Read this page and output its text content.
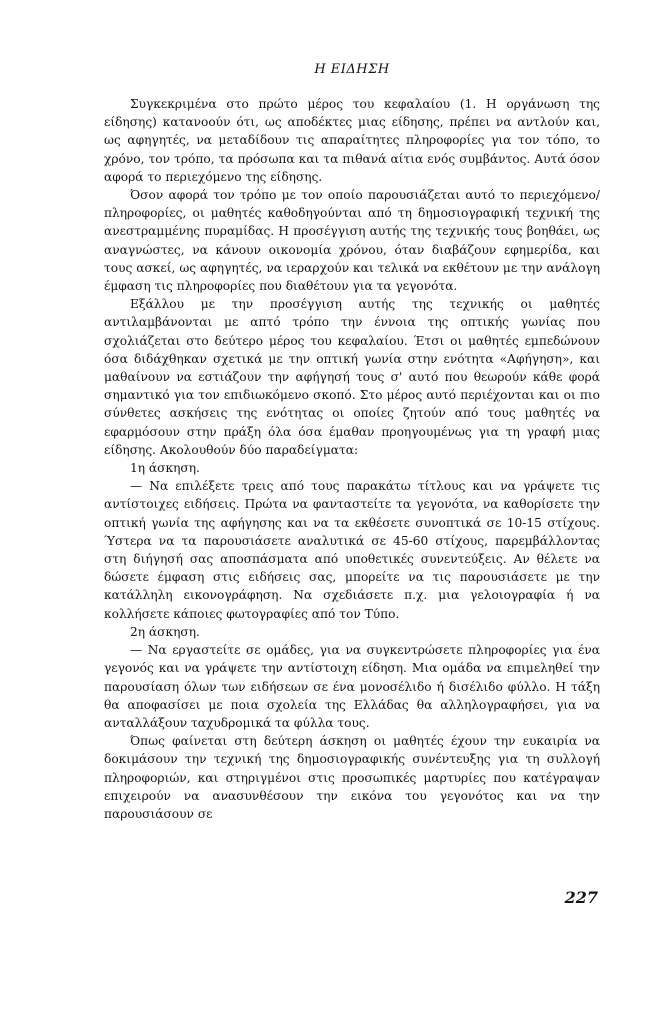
Η ΕΙΔΗΣΗ

Συγκεκριμένα στο πρώτο μέρος του κεφαλαίου (1. Η οργάνωση της είδησης) κατανοούν ότι, ως αποδέκτες μιας είδησης, πρέπει να αντλούν και, ως αφηγητές, να μεταδίδουν τις απαραίτητες πληροφορίες για τον τόπο, το χρόνο, τον τρόπο, τα πρόσωπα και τα πιθανά αίτια ενός συμβάντος. Αυτά όσον αφορά το περιεχόμενο της είδησης.

Όσον αφορά τον τρόπο με τον οποίο παρουσιάζεται αυτό το περιεχόμενο/πληροφορίες, οι μαθητές καθοδηγούνται από τη δημοσιογραφική τεχνική της ανεστραμμένης πυραμίδας. Η προσέγγιση αυτής της τεχνικής τους βοηθάει, ως αναγνώστες, να κάνουν οικονομία χρόνου, όταν διαβάζουν εφημερίδα, και τους ασκεί, ως αφηγητές, να ιεραρχούν και τελικά να εκθέτουν με την ανάλογη έμφαση τις πληροφορίες που διαθέτουν για τα γεγονότα.

Εξάλλου με την προσέγγιση αυτής της τεχνικής οι μαθητές αντιλαμβάνονται με απτό τρόπο την έννοια της οπτικής γωνίας που σχολιάζεται στο δεύτερο μέρος του κεφαλαίου. Έτσι οι μαθητές εμπεδώνουν όσα διδάχθηκαν σχετικά με την οπτική γωνία στην ενότητα «Αφήγηση», και μαθαίνουν να εστιάζουν την αφήγησή τους σ' αυτό που θεωρούν κάθε φορά σημαντικό για τον επιδιωκόμενο σκοπό. Στο μέρος αυτό περιέχονται και οι πιο σύνθετες ασκήσεις της ενότητας οι οποίες ζητούν από τους μαθητές να εφαρμόσουν στην πράξη όλα όσα έμαθαν προηγουμένως για τη γραφή μιας είδησης. Ακολουθούν δύο παραδείγματα:

1η άσκηση.

— Να επιλέξετε τρεις από τους παρακάτω τίτλους και να γράψετε τις αντίστοιχες ειδήσεις. Πρώτα να φανταστείτε τα γεγονότα, να καθορίσετε την οπτική γωνία της αφήγησης και να τα εκθέσετε συνοπτικά σε 10-15 στίχους. Ύστερα να τα παρουσιάσετε αναλυτικά σε 45-60 στίχους, παρεμβάλλοντας στη διήγησή σας αποσπάσματα από υποθετικές συνεντεύξεις. Αν θέλετε να δώσετε έμφαση στις ειδήσεις σας, μπορείτε να τις παρουσιάσετε με την κατάλληλη εικονογράφηση. Να σχεδιάσετε π.χ. μια γελοιογραφία ή να κολλήσετε κάποιες φωτογραφίες από τον Τύπο.

2η άσκηση.

— Να εργαστείτε σε ομάδες, για να συγκεντρώσετε πληροφορίες για ένα γεγονός και να γράψετε την αντίστοιχη είδηση. Μια ομάδα να επιμεληθεί την παρουσίαση όλων των ειδήσεων σε ένα μονοσέλιδο ή δισέλιδο φύλλο. Η τάξη θα αποφασίσει με ποια σχολεία της Ελλάδας θα αλληλογραφήσει, για να ανταλλάξουν ταχυδρομικά τα φύλλα τους.

Όπως φαίνεται στη δεύτερη άσκηση οι μαθητές έχουν την ευκαιρία να δοκιμάσουν την τεχνική της δημοσιογραφικής συνέντευξης για τη συλλογή πληροφοριών, και στηριγμένοι στις προσωπικές μαρτυρίες που κατέγραψαν επιχειρούν να ανασυνθέσουν την εικόνα του γεγονότος και να την παρουσιάσουν σε

227
